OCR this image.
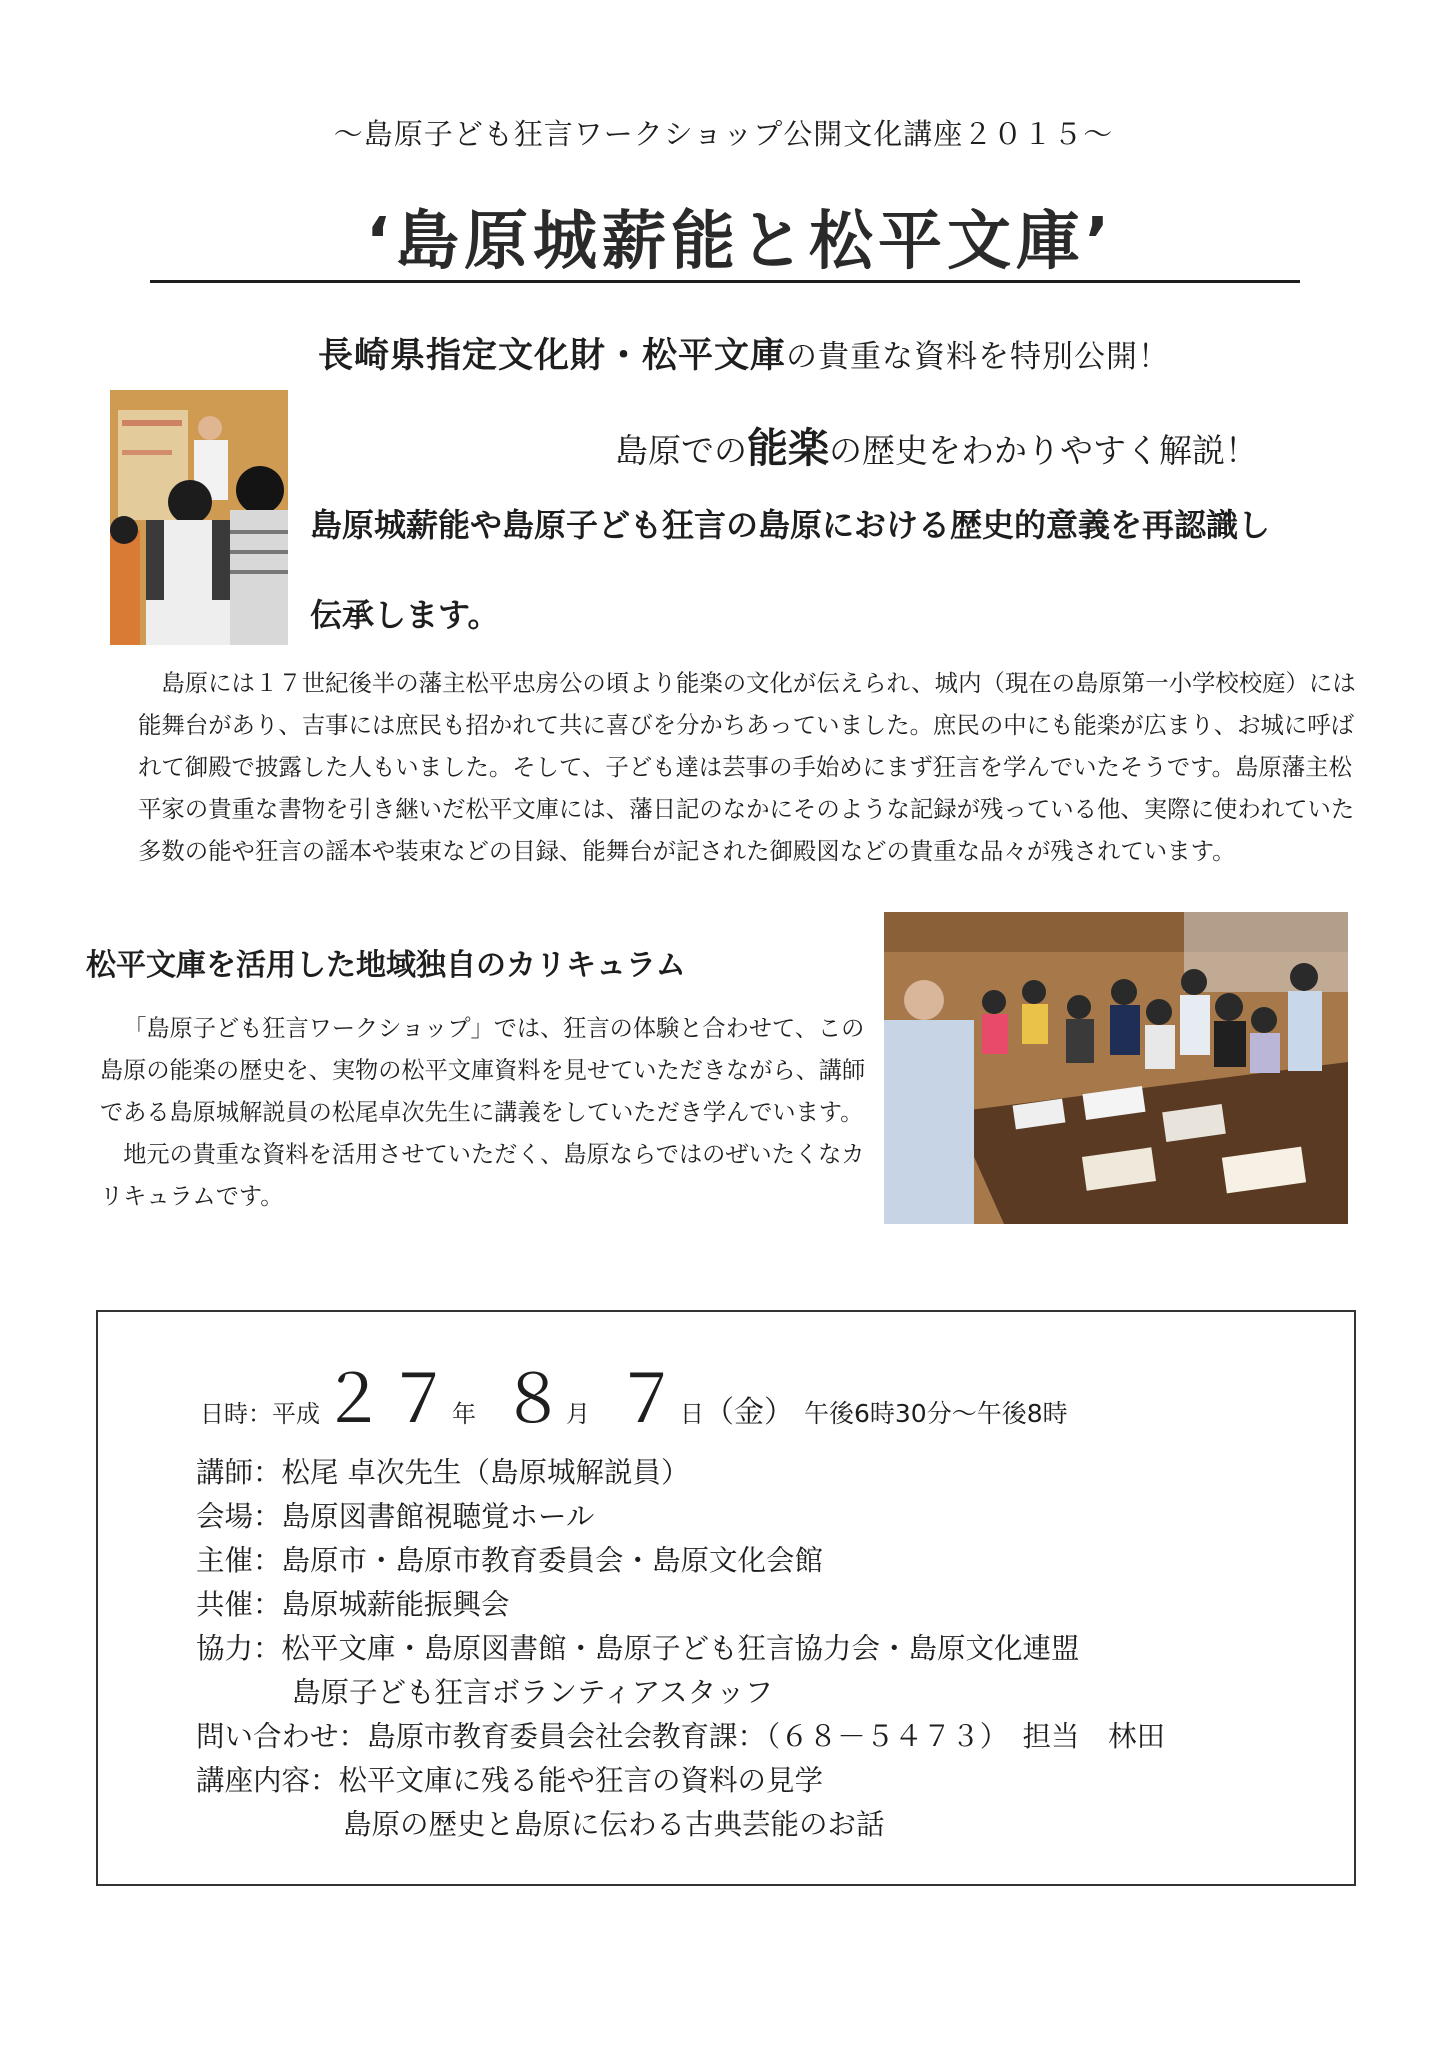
～島原子ども狂言ワークショップ公開文化講座２０１５～
‘島原城薪能と松平文庫’
長崎県指定文化財・松平文庫の貴重な資料を特別公開！
島原での能楽の歴史をわかりやすく解説！
島原城薪能や島原子ども狂言の島原における歴史的意義を再認識し
伝承します。

島原には１７世紀後半の藩主松平忠房公の頃より能楽の文化が伝えられ、城内（現在の島原第一小学校校庭）には能舞台があり、吉事には庶民も招かれて共に喜びを分かちあっていました。庶民の中にも能楽が広まり、お城に呼ばれて御殿で披露した人もいました。そして、子ども達は芸事の手始めにまず狂言を学んでいたそうです。島原藩主松平家の貴重な書物を引き継いだ松平文庫には、藩日記のなかにそのような記録が残っている他、実際に使われていた多数の能や狂言の謡本や装束などの目録、能舞台が記された御殿図などの貴重な品々が残されています。

松平文庫を活用した地域独自のカリキュラム

「島原子ども狂言ワークショップ」では、狂言の体験と合わせて、この島原の能楽の歴史を、実物の松平文庫資料を見せていただきながら、講師である島原城解説員の松尾卓次先生に講義をしていただき学んでいます。

地元の貴重な資料を活用させていただく、島原ならではのぜいたくなカリキュラムです。

日時：平成２７年　 ８月　 ７日（金） 午後6時30分～午後8時
講師：松尾 卓次先生（島原城解説員）
会場：島原図書館視聴覚ホール
主催：島原市・島原市教育委員会・島原文化会館
共催：島原城薪能振興会
協力：松平文庫・島原図書館・島原子ども狂言協力会・島原文化連盟
島原子ども狂言ボランティアスタッフ
問い合わせ：島原市教育委員会社会教育課：（６８－５４７３）　担当　林田
講座内容：松平文庫に残る能や狂言の資料の見学
島原の歴史と島原に伝わる古典芸能のお話
